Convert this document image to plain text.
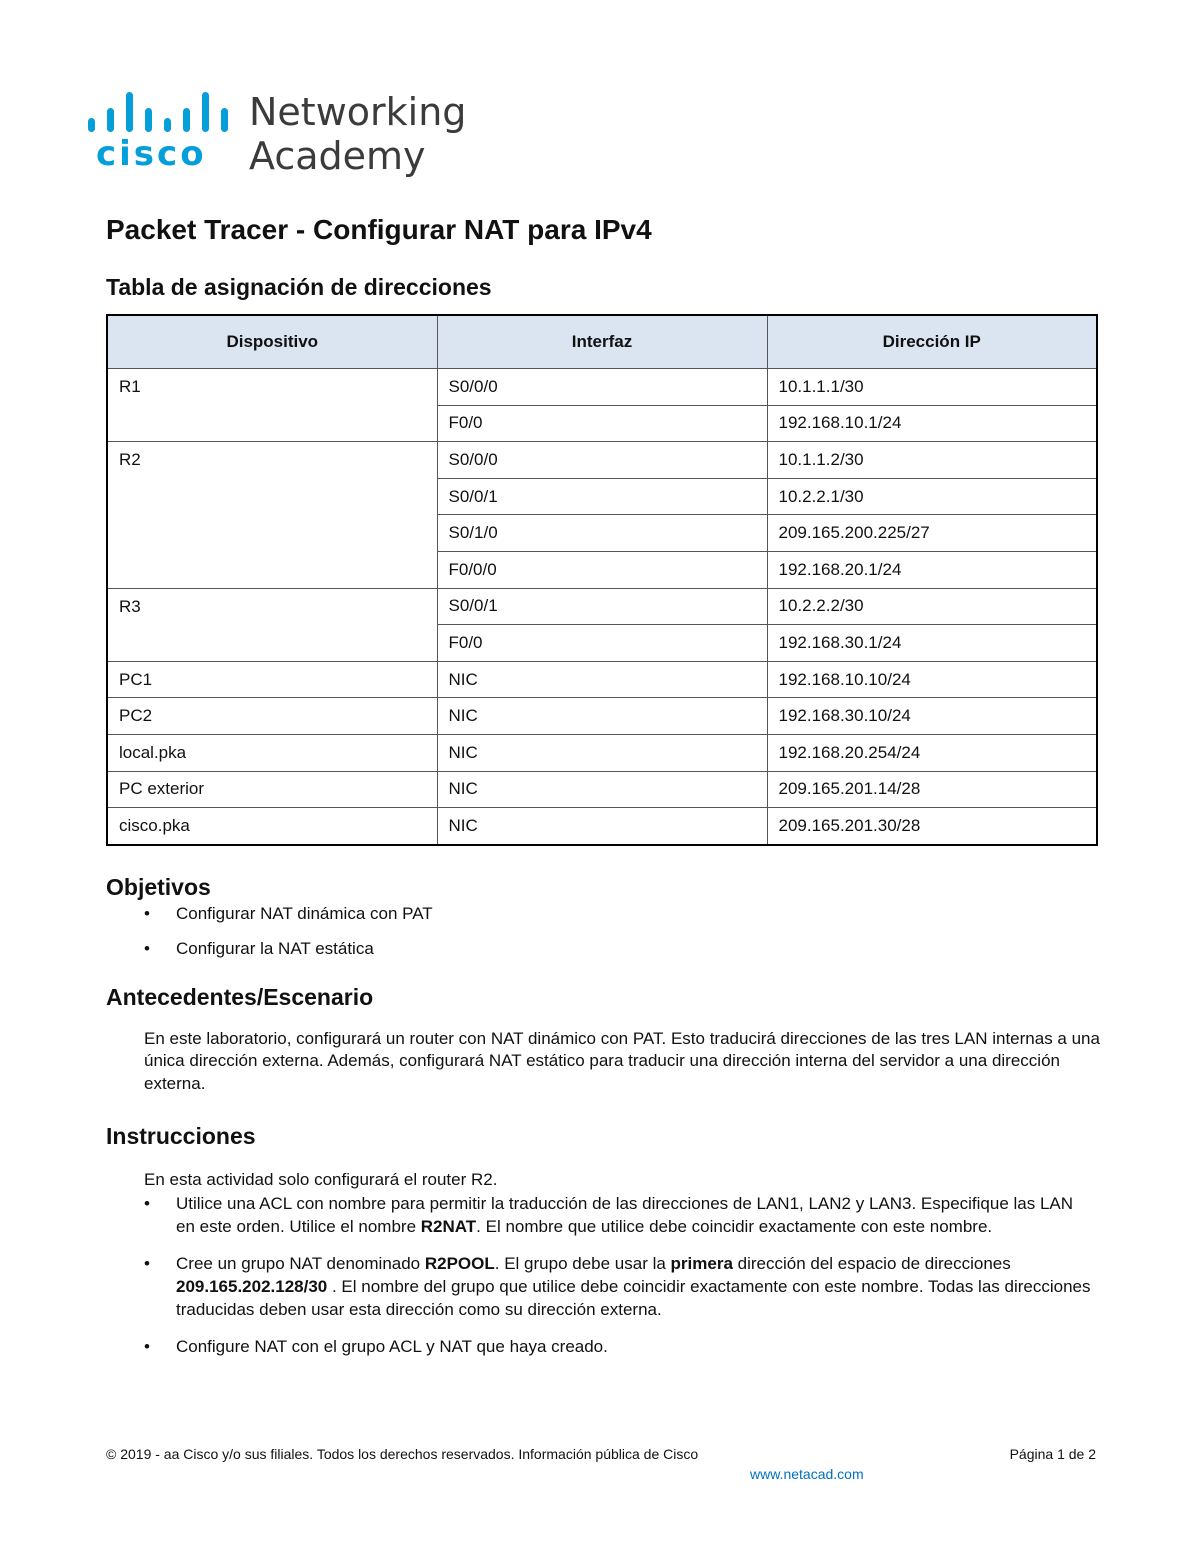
cisco
Networking
Academy
Packet Tracer - Configurar NAT para IPv4
Tabla de asignación de direcciones
Dispositivo	Interfaz	Dirección IP
R1	S0/0/0	10.1.1.1/30
	F0/0	192.168.10.1/24
R2	S0/0/0	10.1.1.2/30
	S0/0/1	10.2.2.1/30
	S0/1/0	209.165.200.225/27
	F0/0/0	192.168.20.1/24
R3	S0/0/1	10.2.2.2/30
	F0/0	192.168.30.1/24
PC1	NIC	192.168.10.10/24
PC2	NIC	192.168.30.10/24
local.pka	NIC	192.168.20.254/24
PC exterior	NIC	209.165.201.14/28
cisco.pka	NIC	209.165.201.30/28
Objetivos
• Configurar NAT dinámica con PAT
• Configurar la NAT estática
Antecedentes/Escenario

En este laboratorio, configurará un router con NAT dinámico con PAT. Esto traducirá direcciones de las tres LAN internas a una única dirección externa. Además, configurará NAT estático para traducir una dirección interna del servidor a una dirección externa.

Instrucciones

En esta actividad solo configurará el router R2.

• Utilice una ACL con nombre para permitir la traducción de las direcciones de LAN1, LAN2 y LAN3. Especifique las LAN en este orden. Utilice el nombre R2NAT. El nombre que utilice debe coincidir exactamente con este nombre.
• Cree un grupo NAT denominado R2POOL. El grupo debe usar la primera dirección del espacio de direcciones 209.165.202.128/30 . El nombre del grupo que utilice debe coincidir exactamente con este nombre. Todas las direcciones traducidas deben usar esta dirección como su dirección externa.
• Configure NAT con el grupo ACL y NAT que haya creado.
© 2019 - aa Cisco y/o sus filiales. Todos los derechos reservados. Información pública de Cisco	Página 1 de 2
www.netacad.com
